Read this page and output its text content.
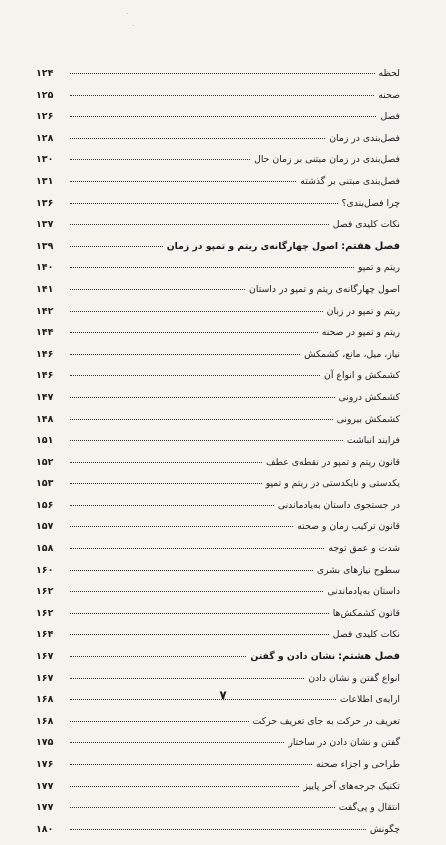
·
·
لحظه
۱۲۴
صحنه
۱۲۵
فصل
۱۲۶
فصل‌بندی در زمان
۱۲۸
فصل‌بندی در زمان مبتنی بر زمان حال
۱۳۰
فصل‌بندی مبتنی بر گذشته
۱۳۱
چرا فصل‌بندی؟
۱۳۶
نکات کلیدی فصل
۱۳۷
فصل هفتم:
اصول چهارگانه‌ی ریتم و تمپو در زمان
۱۳۹
ریتم و تمپو
۱۴۰
اصول چهارگانه‌ی ریتم و تمپو در داستان
۱۴۱
ریتم و تمپو در زبان
۱۴۲
ریتم و تمپو در صحنه
۱۴۴
نیاز، میل، مانع، کشمکش
۱۴۶
کشمکش و انواع آن
۱۴۶
کشمکش درونی
۱۴۷
کشمکش بیرونی
۱۴۸
فرایند انباشت
۱۵۱
قانون ریتم و تمپو در نقطه‌ی عطف
۱۵۲
یکدستی و نایکدستی در ریتم و تمپو
۱۵۳
در جستجوی داستان به‌یادماندنی
۱۵۶
قانون ترکیب زمان و صحنه
۱۵۷
شدت و عمق توجه
۱۵۸
سطوح نیازهای بشری
۱۶۰
داستان به‌یادماندنی
۱۶۲
قانون کشمکش‌ها
۱۶۲
نکات کلیدی فصل
۱۶۴
فصل هشتم:
نشان دادن و گفتن
۱۶۷
انواع گفتن و نشان دادن
۱۶۷
ارایه‌ی اطلاعات
۱۶۸
تعریف در حرکت به جای تعریف حرکت
۱۶۸
گفتن و نشان دادن در ساختار
۱۷۵
طراحی و اجزاء صحنه
۱۷۶
تکنیک جرجه‌های آخر پاییز
۱۷۷
انتقال و پی‌گفت
۱۷۷
چگونش
۱۸۰
۷
